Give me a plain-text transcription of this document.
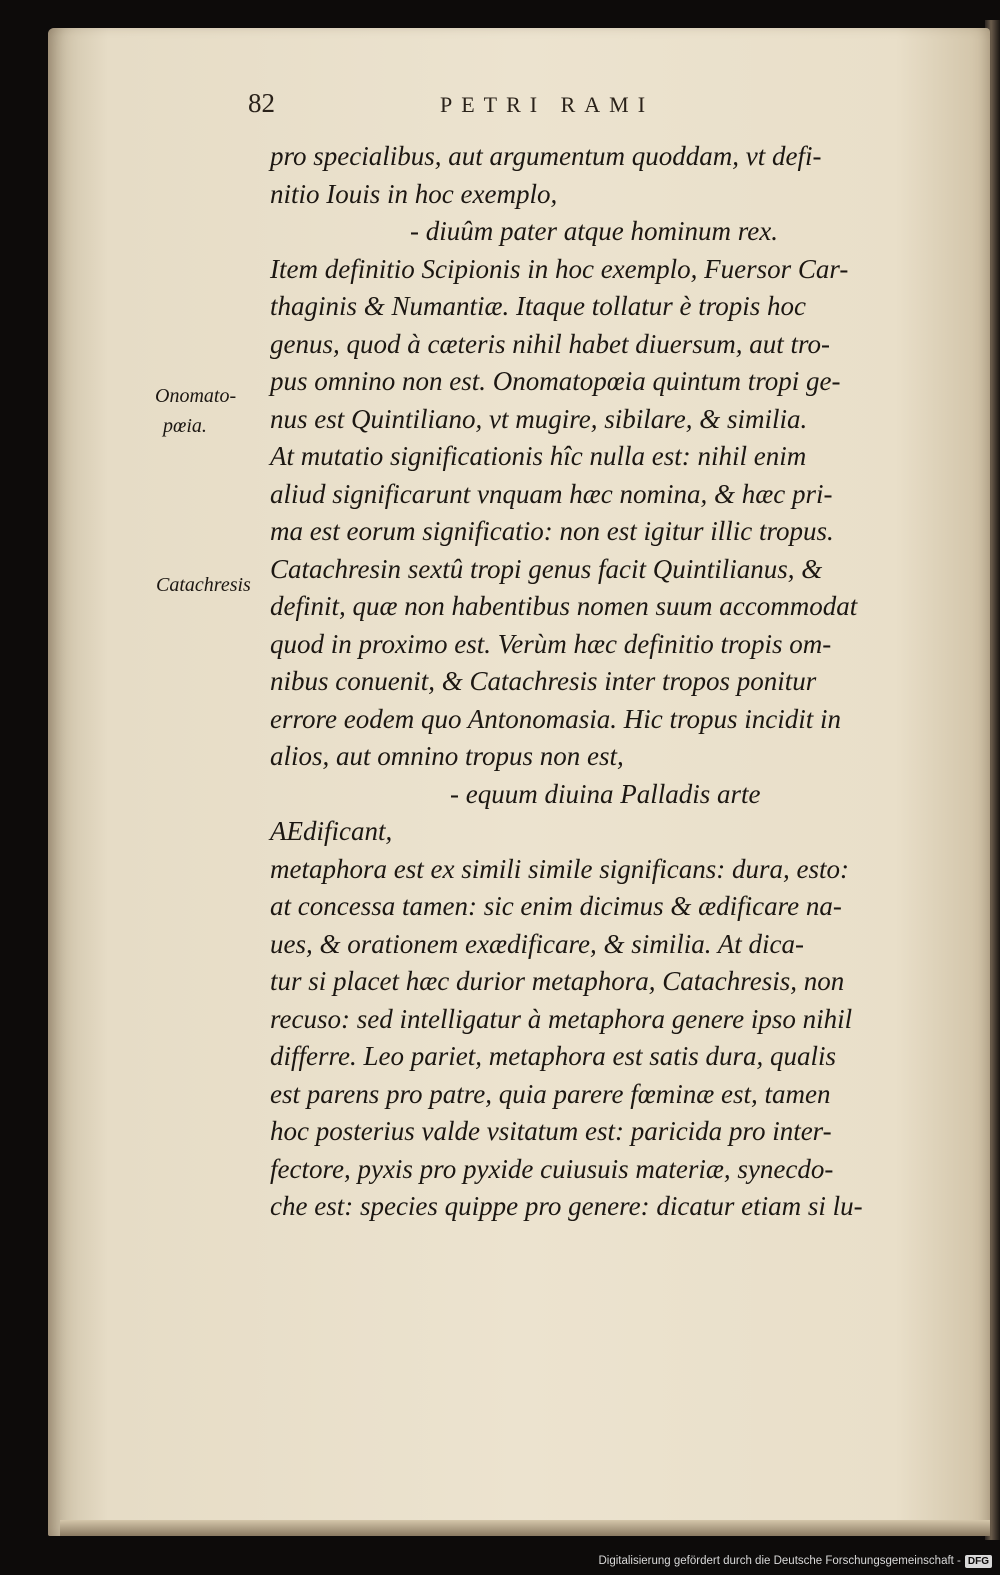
82	PETRI RAMI
Onomato-
pœia.
Catachresis
pro specialibus, aut argumentum quoddam, vt defi-
nitio Iouis in hoc exemplo,
- diuûm pater atque hominum rex.
Item definitio Scipionis in hoc exemplo, Fuersor Car-
thaginis & Numantiæ. Itaque tollatur è tropis hoc
genus, quod à cæteris nihil habet diuersum, aut tro-
pus omnino non est. Onomatopœia quintum tropi ge-
nus est Quintiliano, vt mugire, sibilare, & similia.
At mutatio significationis hîc nulla est: nihil enim
aliud significarunt vnquam hæc nomina, & hæc pri-
ma est eorum significatio: non est igitur illic tropus.
Catachresin sextû tropi genus facit Quintilianus, &
definit, quæ non habentibus nomen suum accommodat
quod in proximo est. Verùm hæc definitio tropis om-
nibus conuenit, & Catachresis inter tropos ponitur
errore eodem quo Antonomasia. Hic tropus incidit in
alios, aut omnino tropus non est,
- equum diuina Palladis arte
AEdificant,
metaphora est ex simili simile significans: dura, esto:
at concessa tamen: sic enim dicimus & ædificare na-
ues, & orationem exædificare, & similia. At dica-
tur si placet hæc durior metaphora, Catachresis, non
recuso: sed intelligatur à metaphora genere ipso nihil
differre. Leo pariet, metaphora est satis dura, qualis
est parens pro patre, quia parere fœminæ est, tamen
hoc posterius valde vsitatum est: paricida pro inter-
fectore, pyxis pro pyxide cuiusuis materiæ, synecdo-
che est: species quippe pro genere: dicatur etiam si lu-
Digitalisierung gefördert durch die Deutsche Forschungsgemeinschaft - DFG
